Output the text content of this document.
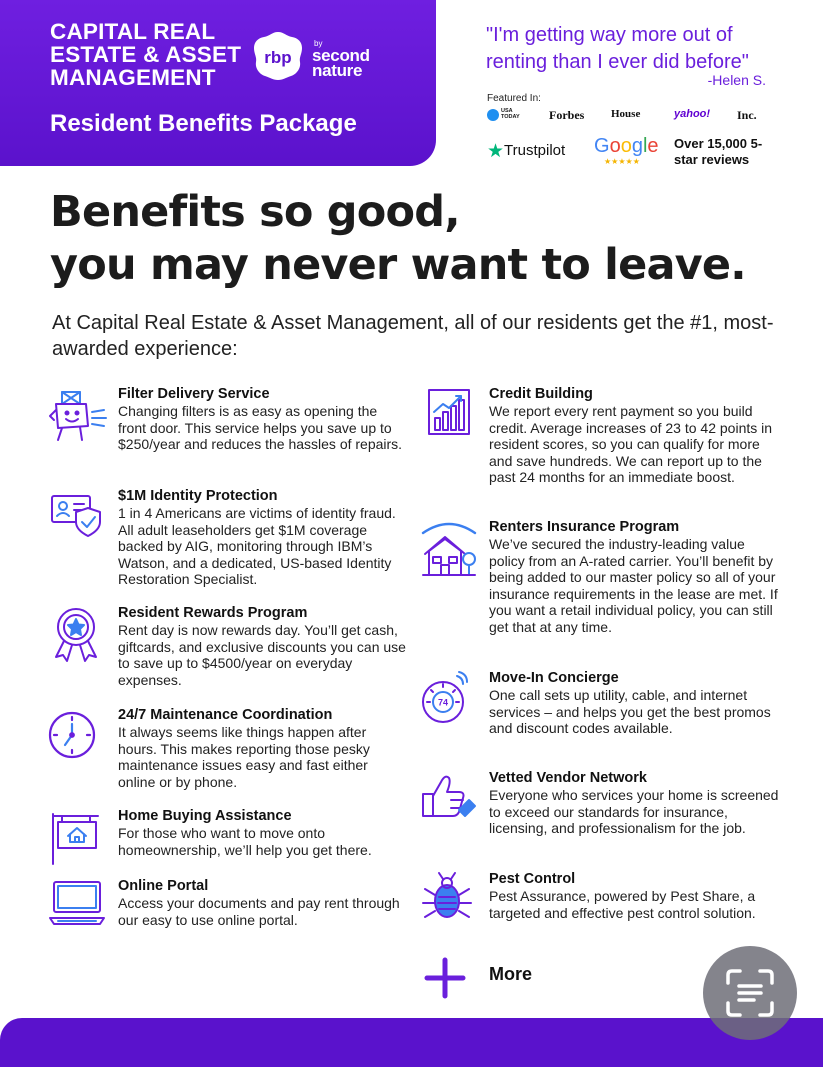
CAPITAL REAL ESTATE & ASSET MANAGEMENT
rbp
by
second nature
Resident Benefits Package
"I'm getting way more out of renting than I ever did before"
-Helen S.
Featured In:
USA TODAY Forbes House	yahoo! Inc.
★Trustpilot Google
★★★★★
Over 15,000 5-star reviews
Benefits so good,
you may never want to leave.
At Capital Real Estate & Asset Management, all of our residents get the #1, most-awarded experience:
Filter Delivery Service
Changing filters is as easy as opening the front door. This service helps you save up to $250/year and reduces the hassles of repairs.
$1M Identity Protection
1 in 4 Americans are victims of identity fraud. All adult leaseholders get $1M coverage backed by AIG, monitoring through IBM’s Watson, and a dedicated, US-based Identity Restoration Specialist.
Resident Rewards Program
Rent day is now rewards day. You’ll get cash, giftcards, and exclusive discounts you can use to save up to $4500/year on everyday expenses.
24/7 Maintenance Coordination
It always seems like things happen after hours. This makes reporting those pesky maintenance issues easy and fast either online or by phone.
Home Buying Assistance
For those who want to move onto homeownership, we’ll help you get there.
Online Portal
Access your documents and pay rent through our easy to use online portal.
Credit Building
We report every rent payment so you build credit. Average increases of 23 to 42 points in resident scores, so you can qualify for more and save hundreds. We can report up to the past 24 months for an immediate boost.
Renters Insurance Program
We’ve secured the industry-leading value policy from an A-rated carrier. You’ll benefit by being added to our master policy so all of your insurance requirements in the lease are met. If you want a retail individual policy, you can still get that at any time.
74
Move-In Concierge
One call sets up utility, cable, and internet services – and helps you get the best promos and discount codes available.
Vetted Vendor Network
Everyone who services your home is screened to exceed our standards for insurance, licensing, and professionalism for the job.
Pest Control
Pest Assurance, powered by Pest Share, a targeted and effective pest control solution.
More
